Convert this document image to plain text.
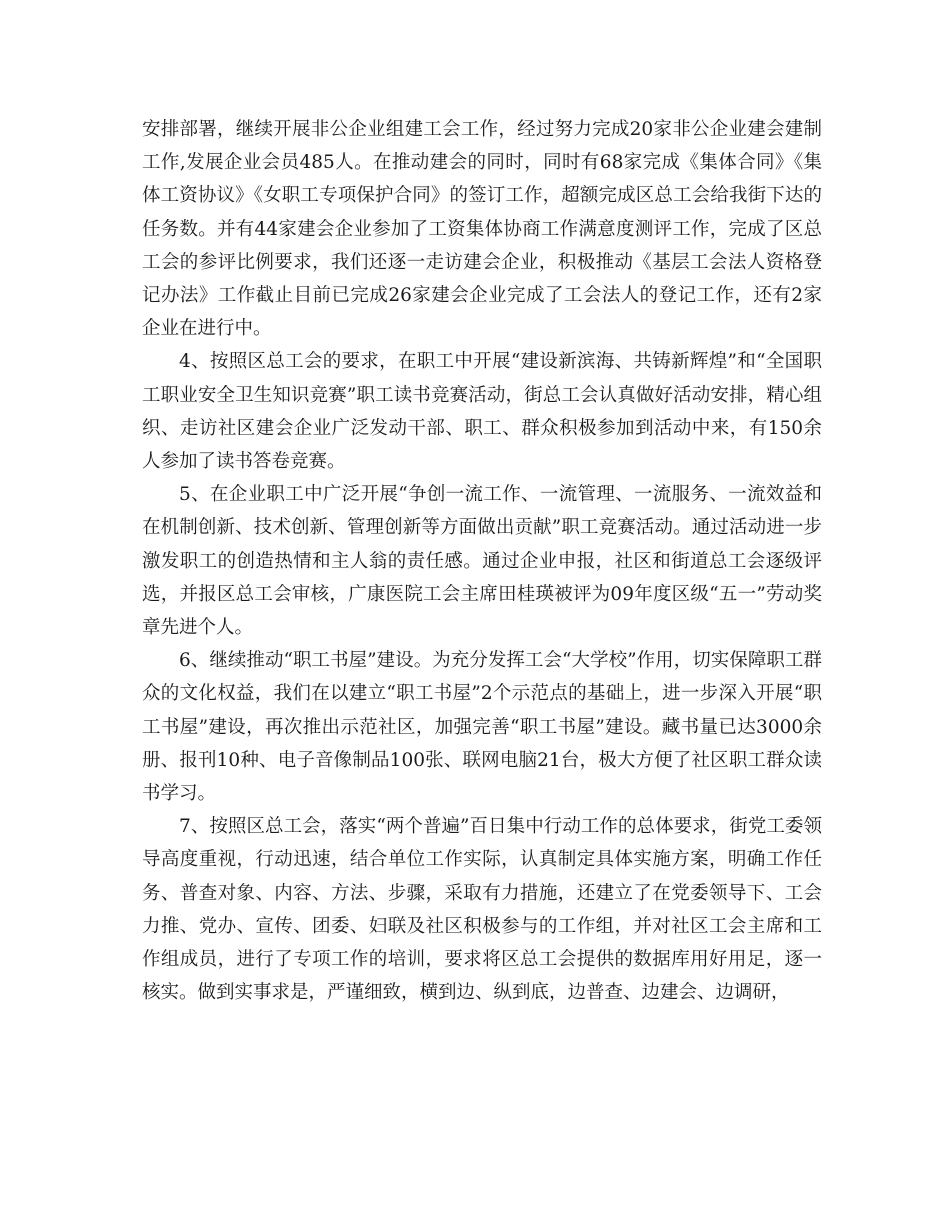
安排部署，继续开展非公企业组建工会工作，经过努力完成20家非公企业建会建制工作,发展企业会员485人。在推动建会的同时，同时有68家完成《集体合同》《集体工资协议》《女职工专项保护合同》的签订工作，超额完成区总工会给我街下达的任务数。并有44家建会企业参加了工资集体协商工作满意度测评工作，完成了区总工会的参评比例要求，我们还逐一走访建会企业，积极推动《基层工会法人资格登记办法》工作截止目前已完成26家建会企业完成了工会法人的登记工作，还有2家企业在进行中。

4、按照区总工会的要求，在职工中开展“建设新滨海、共铸新辉煌”和“全国职工职业安全卫生知识竞赛”职工读书竞赛活动，街总工会认真做好活动安排，精心组织、走访社区建会企业广泛发动干部、职工、群众积极参加到活动中来，有150余人参加了读书答卷竞赛。

5、在企业职工中广泛开展“争创一流工作、一流管理、一流服务、一流效益和在机制创新、技术创新、管理创新等方面做出贡献”职工竞赛活动。通过活动进一步激发职工的创造热情和主人翁的责任感。通过企业申报，社区和街道总工会逐级评选，并报区总工会审核，广康医院工会主席田桂瑛被评为09年度区级“五一”劳动奖章先进个人。

6、继续推动“职工书屋”建设。为充分发挥工会“大学校”作用，切实保障职工群众的文化权益，我们在以建立“职工书屋”2个示范点的基础上，进一步深入开展“职工书屋”建设，再次推出示范社区，加强完善“职工书屋”建设。藏书量已达3000余册、报刊10种、电子音像制品100张、联网电脑21台，极大方便了社区职工群众读书学习。

7、按照区总工会，落实“两个普遍”百日集中行动工作的总体要求，街党工委领导高度重视，行动迅速，结合单位工作实际，认真制定具体实施方案，明确工作任务、普查对象、内容、方法、步骤，采取有力措施，还建立了在党委领导下、工会力推、党办、宣传、团委、妇联及社区积极参与的工作组，并对社区工会主席和工作组成员，进行了专项工作的培训，要求将区总工会提供的数据库用好用足，逐一核实。做到实事求是，严谨细致，横到边、纵到底，边普查、边建会、边调研，
